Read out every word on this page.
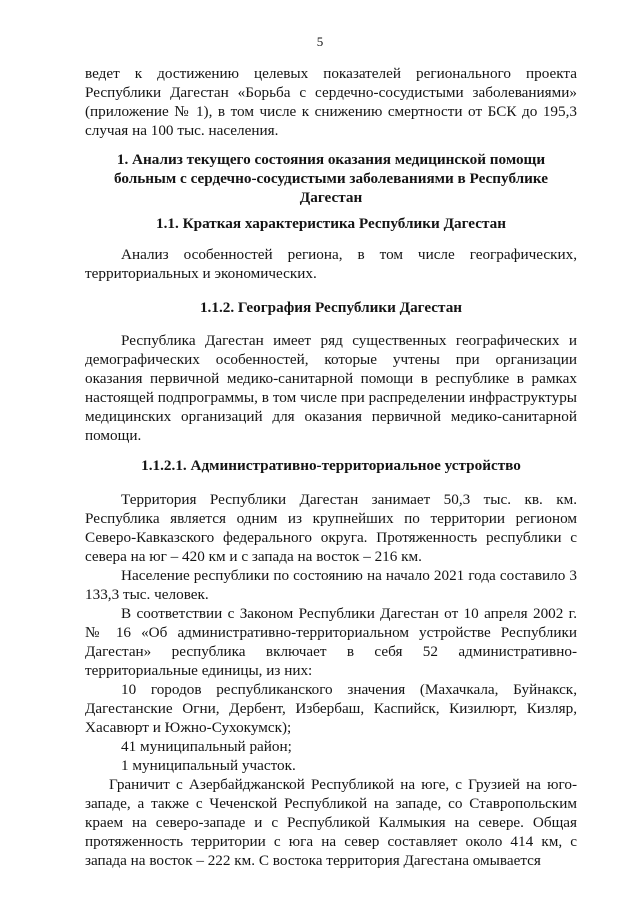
5

ведет к достижению целевых показателей регионального проекта Республики Дагестан «Борьба с сердечно-сосудистыми заболеваниями» (приложение № 1), в том числе к снижению смертности от БСК до 195,3 случая на 100 тыс. населения.

1. Анализ текущего состояния оказания медицинской помощи больным с сердечно-сосудистыми заболеваниями в Республике Дагестан
1.1. Краткая характеристика Республики Дагестан

Анализ особенностей региона, в том числе географических, территориальных и экономических.

1.1.2. География Республики Дагестан

Республика Дагестан имеет ряд существенных географических и демографических особенностей, которые учтены при организации оказания первичной медико-санитарной помощи в республике в рамках настоящей подпрограммы, в том числе при распределении инфраструктуры медицинских организаций для оказания первичной медико-санитарной помощи.

1.1.2.1. Административно-территориальное устройство

Территория Республики Дагестан занимает 50,3 тыс. кв. км. Республика является одним из крупнейших по территории регионом Северо-Кавказского федерального округа. Протяженность республики с севера на юг – 420 км и с запада на восток – 216 км.

Население республики по состоянию на начало 2021 года составило 3 133,3 тыс. человек.

В соответствии с Законом Республики Дагестан от 10 апреля 2002 г. № 16 «Об административно-территориальном устройстве Республики Дагестан» республика включает в себя 52 административно-территориальные единицы, из них:

10 городов республиканского значения (Махачкала, Буйнакск, Дагестанские Огни, Дербент, Избербаш, Каспийск, Кизилюрт, Кизляр, Хасавюрт и Южно-Сухокумск);

41 муниципальный район;

1 муниципальный участок.

Граничит с Азербайджанской Республикой на юге, с Грузией на юго-западе, а также с Чеченской Республикой на западе, со Ставропольским краем на северо-западе и с Республикой Калмыкия на севере. Общая протяженность территории с юга на север составляет около 414 км, с запада на восток – 222 км. С востока территория Дагестана омывается
